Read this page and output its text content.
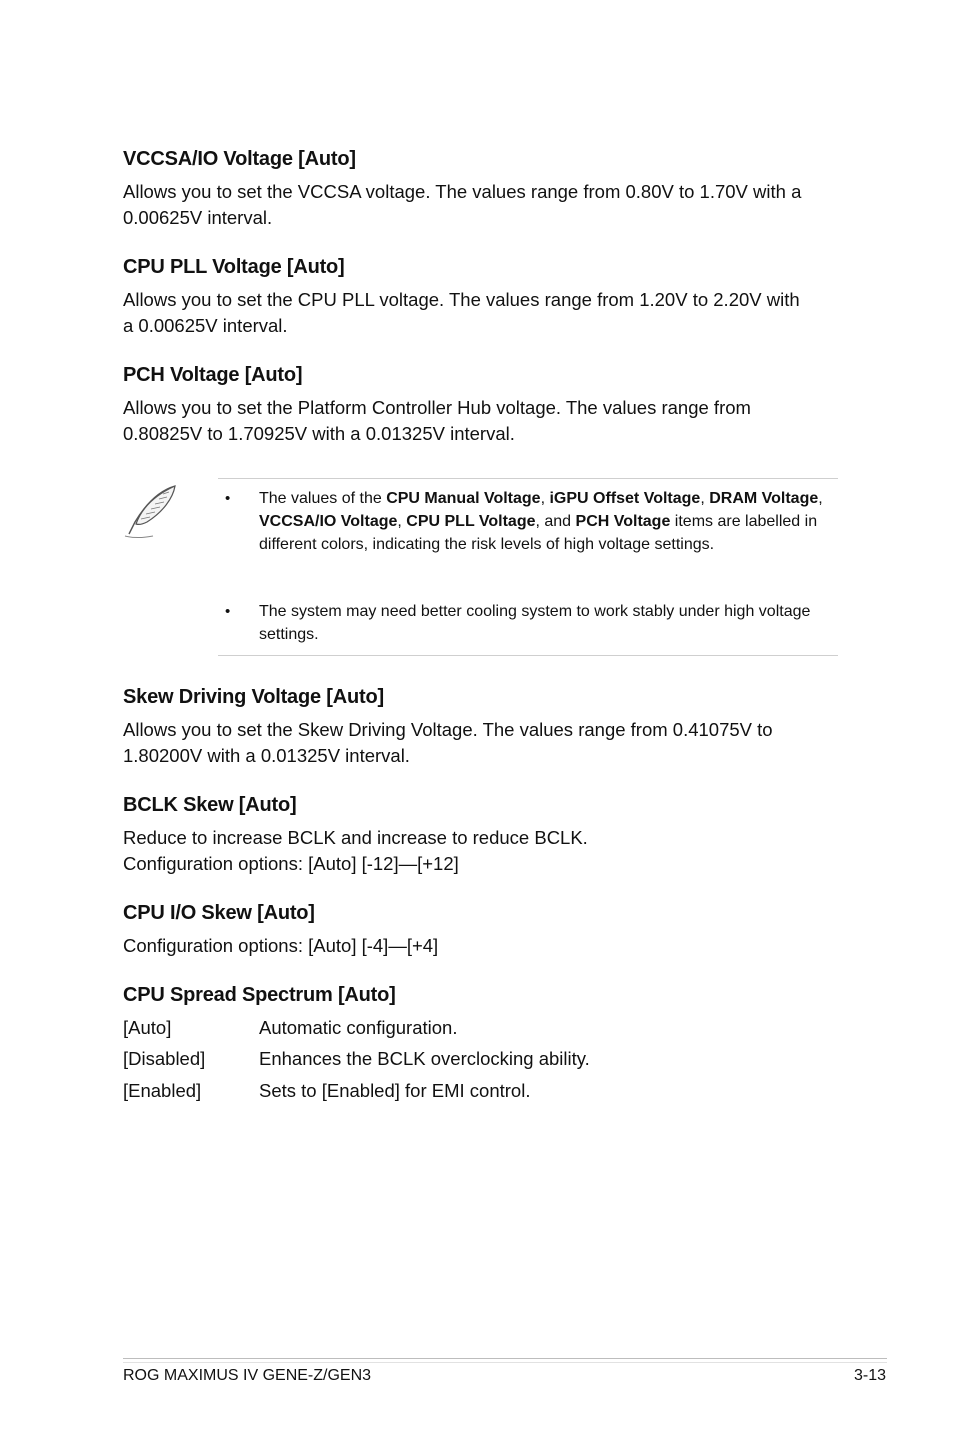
VCCSA/IO Voltage [Auto]
Allows you to set the VCCSA voltage. The values range from 0.80V to 1.70V with a
0.00625V interval.
CPU PLL Voltage [Auto]
Allows you to set the CPU PLL voltage. The values range from 1.20V to 2.20V with
a 0.00625V interval.
PCH Voltage [Auto]
Allows you to set the Platform Controller Hub voltage. The values range from
0.80825V to 1.70925V with a 0.01325V interval.
• The values of the CPU Manual Voltage, iGPU Offset Voltage, DRAM Voltage, VCCSA/IO Voltage, CPU PLL Voltage, and PCH Voltage items are labelled in different colors, indicating the risk levels of high voltage settings.
• The system may need better cooling system to work stably under high voltage settings.
Skew Driving Voltage [Auto]
Allows you to set the Skew Driving Voltage. The values range from 0.41075V to
1.80200V with a 0.01325V interval.
BCLK Skew [Auto]
Reduce to increase BCLK and increase to reduce BCLK.
Configuration options: [Auto] [-12]—[+12]
CPU I/O Skew [Auto]
Configuration options: [Auto] [-4]—[+4]
CPU Spread Spectrum [Auto]
[Auto]	Automatic configuration.
[Disabled]	Enhances the BCLK overclocking ability.
[Enabled]	Sets to [Enabled] for EMI control.
ROG MAXIMUS IV GENE-Z/GEN3	3-13
